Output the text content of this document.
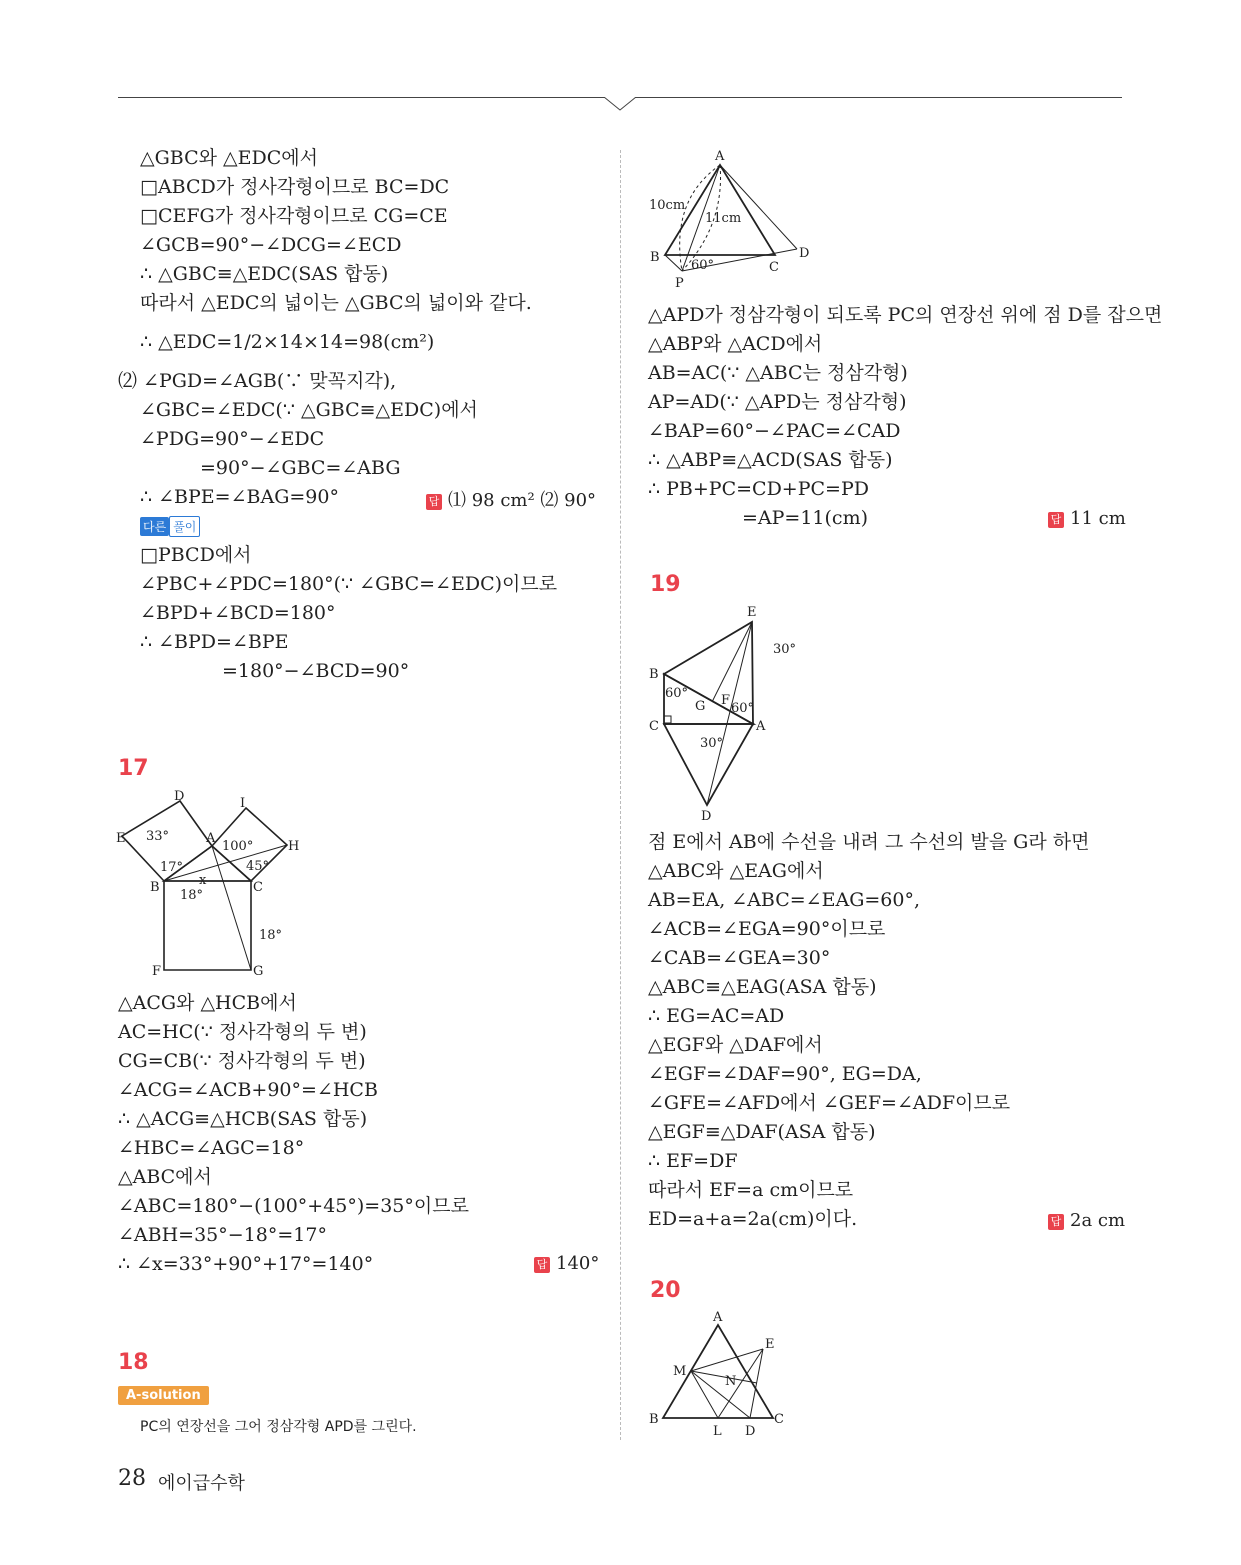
△GBC와 △EDC에서
□ABCD가 정사각형이므로 BC=DC
□CEFG가 정사각형이므로 CG=CE
∠GCB=90°−∠DCG=∠ECD
∴ △GBC≡△EDC(SAS 합동)
따라서 △EDC의 넓이는 △GBC의 넓이와 같다.
∴ △EDC=1/2×14×14=98(cm²)
⑵ ∠PGD=∠AGB(∵ 맞꼭지각),
∠GBC=∠EDC(∵ △GBC≡△EDC)에서
∠PDG=90°−∠EDC
=90°−∠GBC=∠ABG
∴ ∠BPE=∠BAG=90°	답 ⑴ 98 cm² ⑵ 90°
다른 풀이
□PBCD에서
∠PBC+∠PDC=180°(∵ ∠GBC=∠EDC)이므로
∠BPD+∠BCD=180°
∴ ∠BPD=∠BPE
=180°−∠BCD=90°
17
D	I
E	A
H
B	C
F	G
33°
100°
17°	45°
x
18°
18°
△ACG와 △HCB에서
AC=HC(∵ 정사각형의 두 변)
CG=CB(∵ 정사각형의 두 변)
∠ACG=∠ACB+90°=∠HCB
∴ △ACG≡△HCB(SAS 합동)
∠HBC=∠AGC=18°
△ABC에서
∠ABC=180°−(100°+45°)=35°이므로
∠ABH=35°−18°=17°
∴ ∠x=33°+90°+17°=140°	답 140°
18
A-solution
PC의 연장선을 그어 정삼각형 APD를 그린다.
A
B
C
D
P
10cm
11cm
60°
△APD가 정삼각형이 되도록 PC의 연장선 위에 점 D를 잡으면
△ABP와 △ACD에서
AB=AC(∵ △ABC는 정삼각형)
AP=AD(∵ △APD는 정삼각형)
∠BAP=60°−∠PAC=∠CAD
∴ △ABP≡△ACD(SAS 합동)
∴ PB+PC=CD+PC=PD
=AP=11(cm)	답 11 cm
19
E
B
C	A
D
G F
30°
60°
60°
30°
점 E에서 AB에 수선을 내려 그 수선의 발을 G라 하면
△ABC와 △EAG에서
AB=EA, ∠ABC=∠EAG=60°,
∠ACB=∠EGA=90°이므로
∠CAB=∠GEA=30°
△ABC≡△EAG(ASA 합동)
∴ EG=AC=AD
△EGF와 △DAF에서
∠EGF=∠DAF=90°, EG=DA,
∠GFE=∠AFD에서 ∠GEF=∠ADF이므로
△EGF≡△DAF(ASA 합동)
∴ EF=DF
따라서 EF=a cm이므로
ED=a+a=2a(cm)이다.	답 2a cm
20
A
E
M
N
B	C
L D
28 에이급수학
